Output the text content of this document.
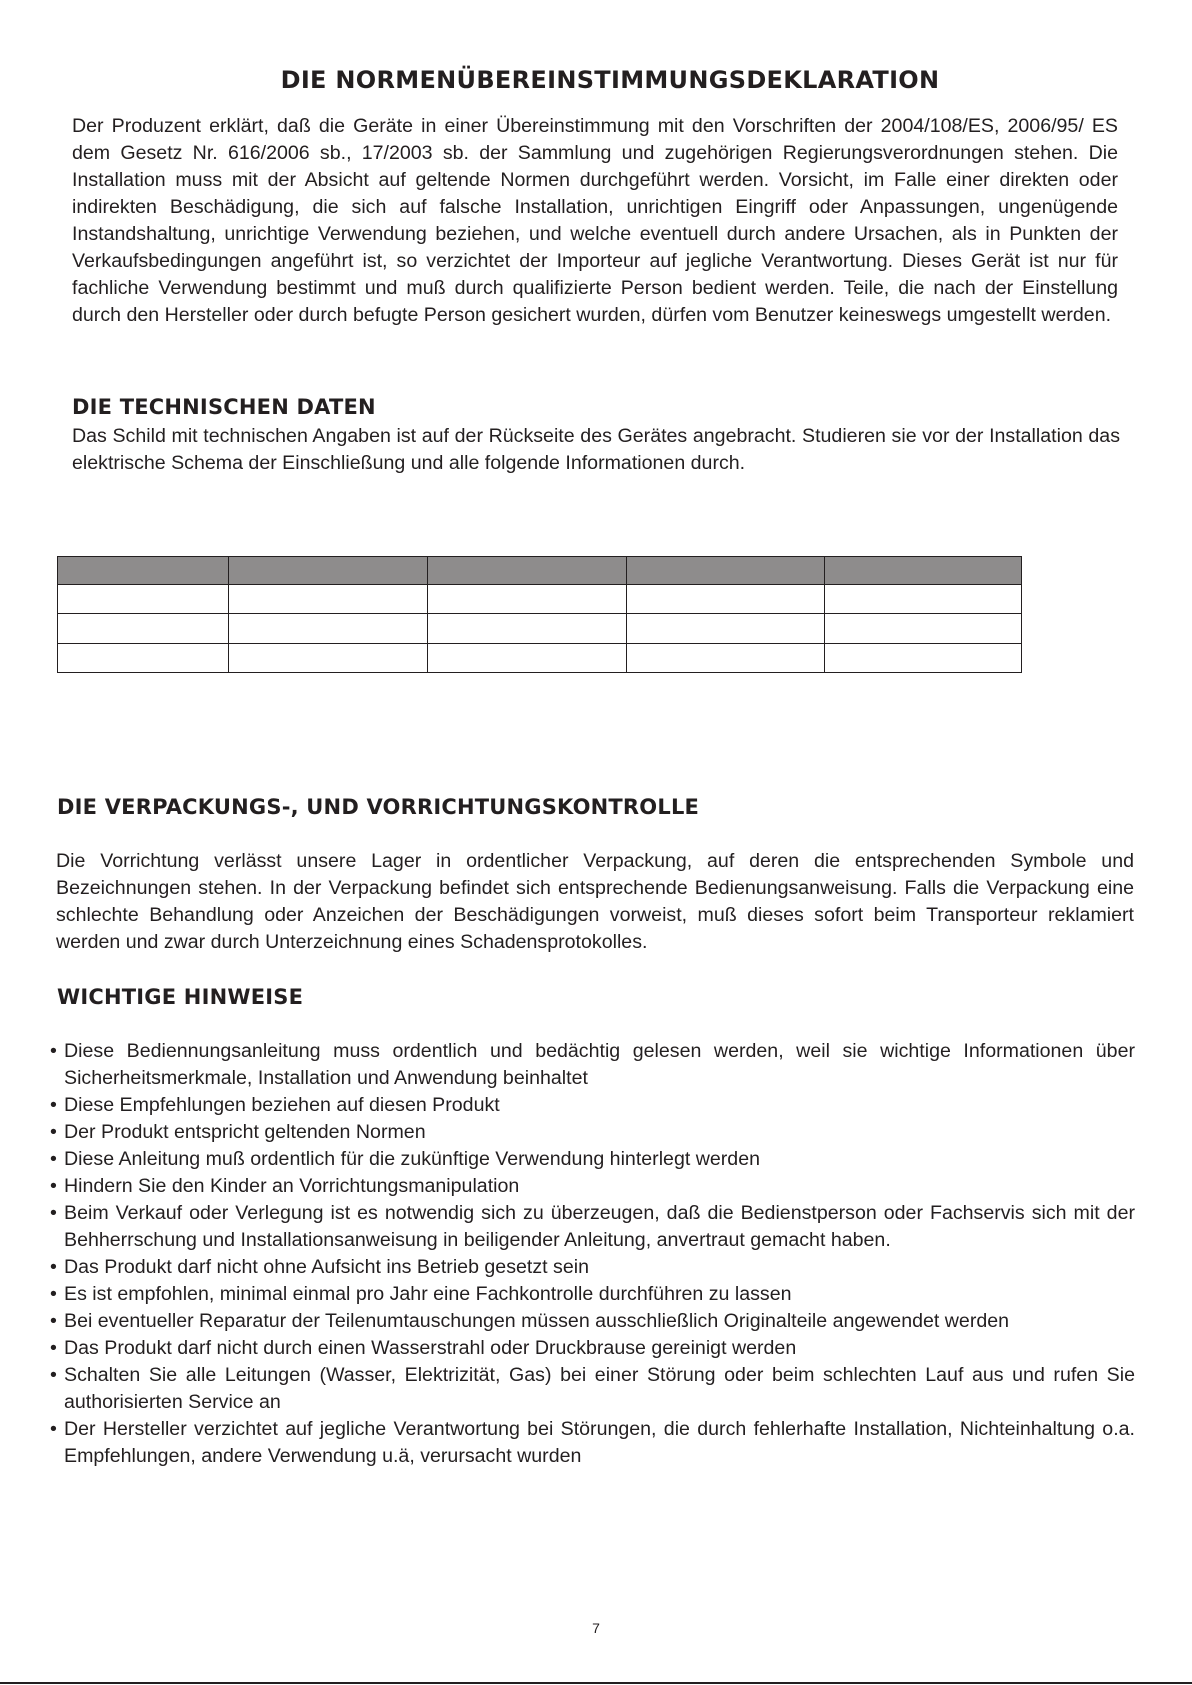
DIE NORMENÜBEREINSTIMMUNGSDEKLARATION

Der Produzent erklärt, daß die Geräte in einer Übereinstimmung mit den Vorschriften der 2004/108/ES, 2006/95/ ES dem Gesetz Nr. 616/2006 sb., 17/2003 sb. der Sammlung und zugehörigen Regierungsverordnungen stehen. Die Installation muss mit der Absicht auf geltende Normen durchgeführt werden. Vorsicht, im Falle einer direkten oder indirekten Beschädigung, die sich auf falsche Installation, unrichtigen Eingriff oder Anpassungen, ungenügende Instandshaltung, unrichtige Verwendung beziehen, und welche eventuell durch andere Ursachen, als in Punkten der Verkaufsbedingungen angeführt ist, so verzichtet der Importeur auf jegliche Verantwortung. Dieses Gerät ist nur für fachliche Verwendung bestimmt und muß durch qualifizierte Person bedient werden. Teile, die nach der Einstellung durch den Hersteller oder durch befugte Person gesichert wurden, dürfen vom Benutzer keineswegs umgestellt werden.

DIE TECHNISCHEN DATEN

Das Schild mit technischen Angaben ist auf der Rückseite des Gerätes angebracht. Studieren sie vor der Installation das elektrische Schema der Einschließung und alle folgende Informationen durch.

DIE VERPACKUNGS-, UND VORRICHTUNGSKONTROLLE

Die Vorrichtung verlässt unsere Lager in ordentlicher Verpackung, auf deren die entsprechenden Symbole und Bezeichnungen stehen. In der Verpackung befindet sich entsprechende Bedienungsanweisung. Falls die Verpackung eine schlechte Behandlung oder Anzeichen der Beschädigungen vorweist, muß dieses sofort beim Transporteur reklamiert werden und zwar durch Unterzeichnung eines Schadensprotokolles.

WICHTIGE HINWEISE
• Diese Bediennungsanleitung muss ordentlich und bedächtig gelesen werden, weil sie wichtige Informationen über Sicherheitsmerkmale, Installation und Anwendung beinhaltet
• Diese Empfehlungen beziehen auf diesen Produkt
• Der Produkt entspricht geltenden Normen
• Diese Anleitung muß ordentlich für die zukünftige Verwendung hinterlegt werden
• Hindern Sie den Kinder an Vorrichtungsmanipulation
• Beim Verkauf oder Verlegung ist es notwendig sich zu überzeugen, daß die Bedienstperson oder Fachservis sich mit der Behherrschung und Installationsanweisung in beiligender Anleitung, anvertraut gemacht haben.
• Das Produkt darf nicht ohne Aufsicht ins Betrieb gesetzt sein
• Es ist empfohlen, minimal einmal pro Jahr eine Fachkontrolle durchführen zu lassen
• Bei eventueller Reparatur der Teilenumtauschungen müssen ausschließlich Originalteile angewendet werden
• Das Produkt darf nicht durch einen Wasserstrahl oder Druckbrause gereinigt werden
• Schalten Sie alle Leitungen (Wasser, Elektrizität, Gas) bei einer Störung oder beim schlechten Lauf aus und rufen Sie authorisierten Service an
• Der Hersteller verzichtet auf jegliche Verantwortung bei Störungen, die durch fehlerhafte Installation, Nichteinhaltung o.a. Empfehlungen, andere Verwendung u.ä, verursacht wurden
7
